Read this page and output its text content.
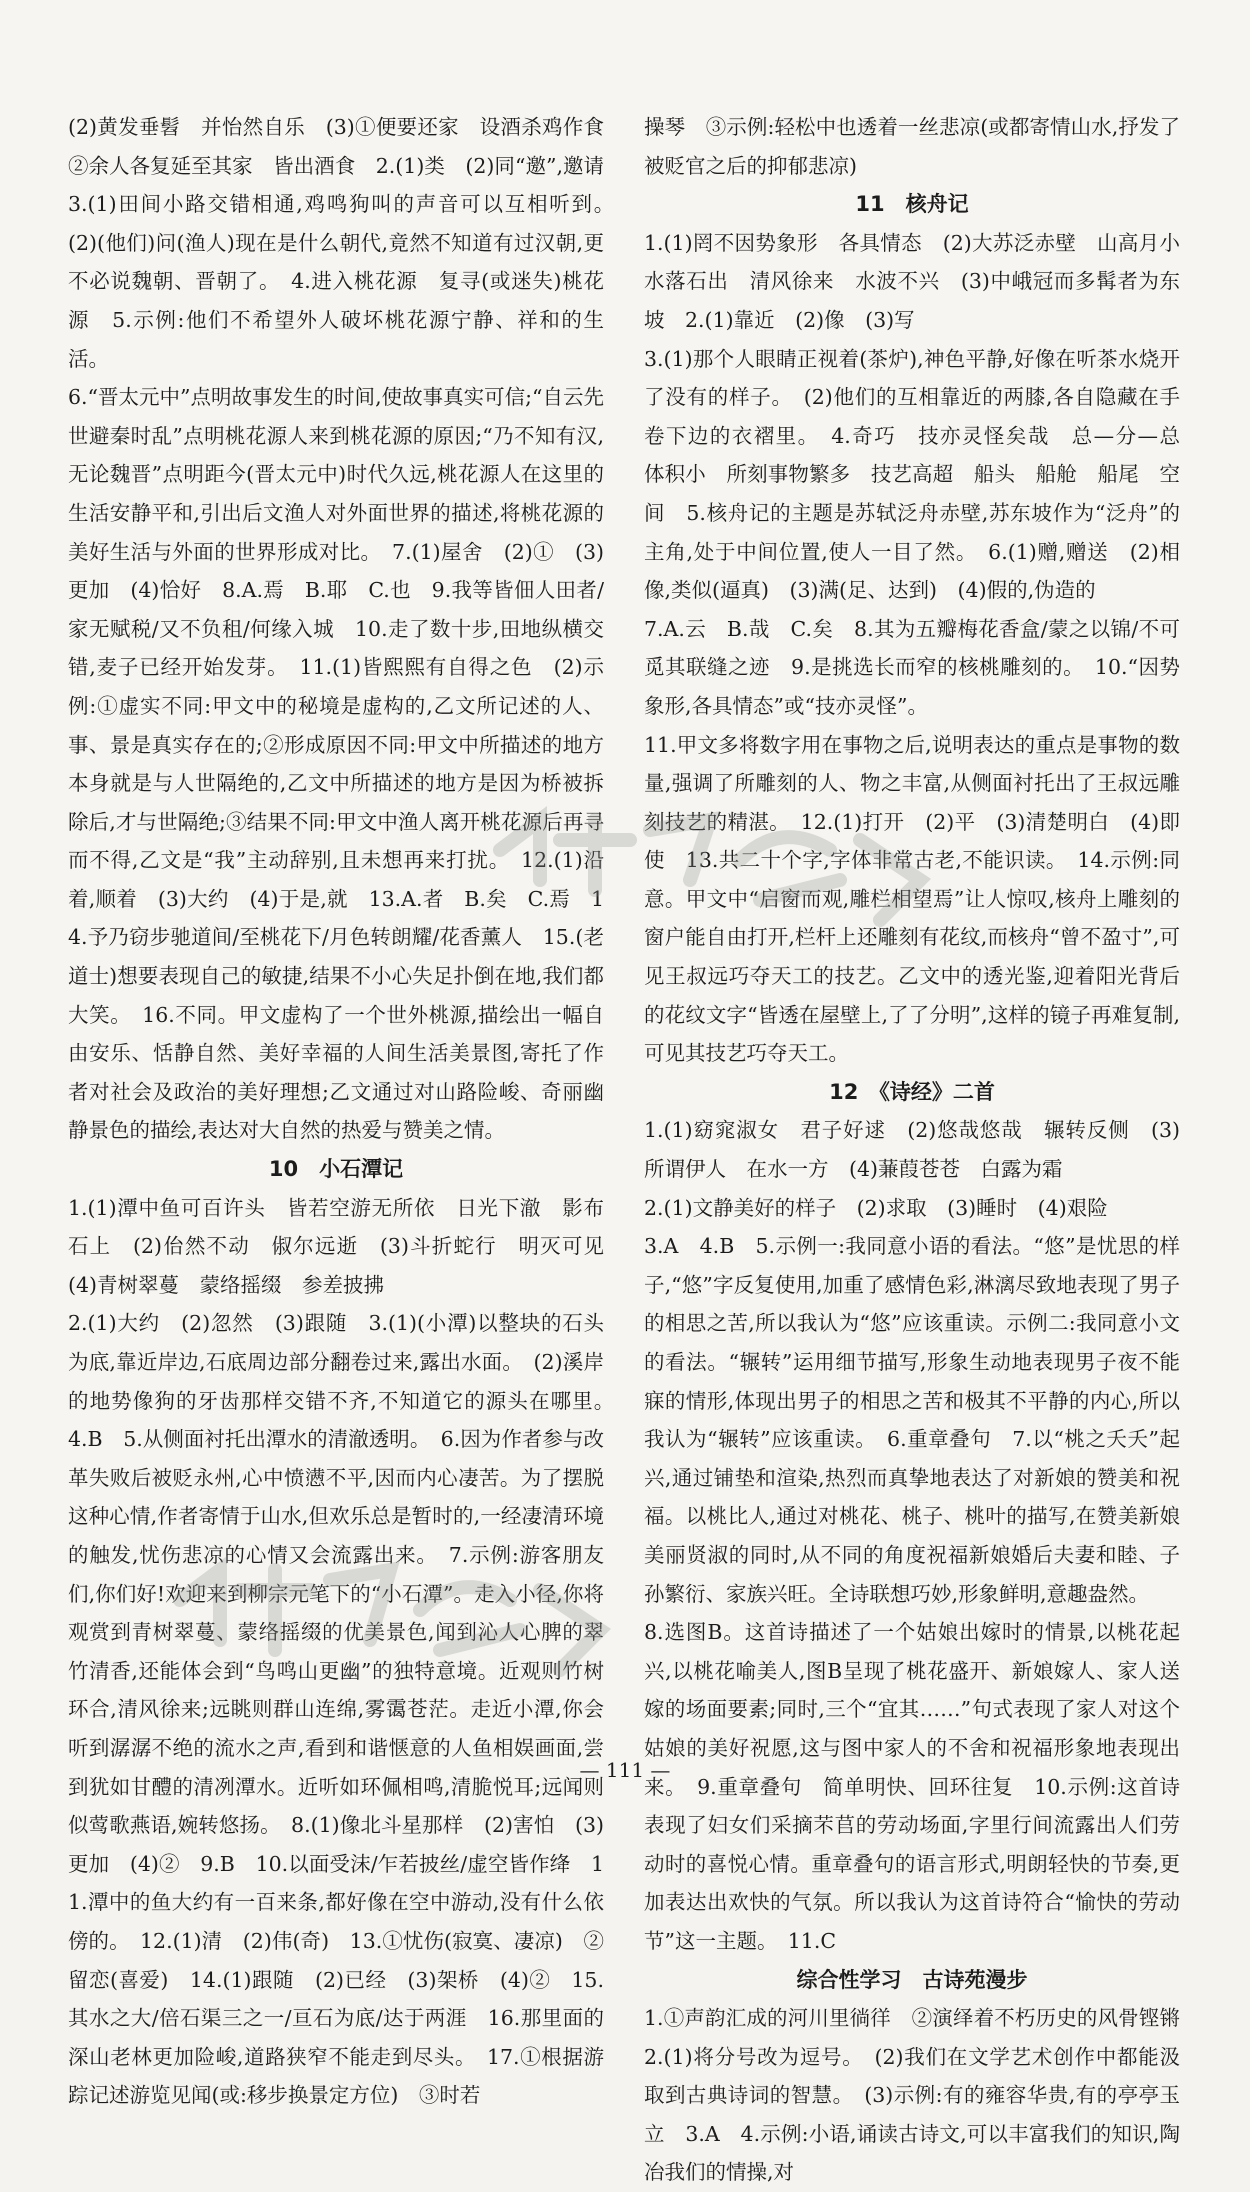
(2)黄发垂髫　并怡然自乐　(3)①便要还家　设酒杀鸡作食　②余人各复延至其家　皆出酒食　2.(1)类　(2)同“邀”,邀请　3.(1)田间小路交错相通,鸡鸣狗叫的声音可以互相听到。　(2)(他们)问(渔人)现在是什么朝代,竟然不知道有过汉朝,更不必说魏朝、晋朝了。　4.进入桃花源　复寻(或迷失)桃花源　5.示例:他们不希望外人破坏桃花源宁静、祥和的生活。

6.“晋太元中”点明故事发生的时间,使故事真实可信;“自云先世避秦时乱”点明桃花源人来到桃花源的原因;“乃不知有汉,无论魏晋”点明距今(晋太元中)时代久远,桃花源人在这里的生活安静平和,引出后文渔人对外面世界的描述,将桃花源的美好生活与外面的世界形成对比。　7.(1)屋舍　(2)①　(3)更加　(4)恰好　8.A.焉　B.耶　C.也　9.我等皆佃人田者/家无赋税/又不负租/何缘入城　10.走了数十步,田地纵横交错,麦子已经开始发芽。　11.(1)皆熙熙有自得之色　(2)示例:①虚实不同:甲文中的秘境是虚构的,乙文所记述的人、事、景是真实存在的;②形成原因不同:甲文中所描述的地方本身就是与人世隔绝的,乙文中所描述的地方是因为桥被拆除后,才与世隔绝;③结果不同:甲文中渔人离开桃花源后再寻而不得,乙文是“我”主动辞别,且未想再来打扰。　12.(1)沿着,顺着　(3)大约　(4)于是,就　13.A.者　B.矣　C.焉　14.予乃窃步驰道间/至桃花下/月色转朗耀/花香薰人　15.(老道士)想要表现自己的敏捷,结果不小心失足扑倒在地,我们都大笑。　16.不同。甲文虚构了一个世外桃源,描绘出一幅自由安乐、恬静自然、美好幸福的人间生活美景图,寄托了作者对社会及政治的美好理想;乙文通过对山路险峻、奇丽幽静景色的描绘,表达对大自然的热爱与赞美之情。

10　小石潭记

1.(1)潭中鱼可百许头　皆若空游无所依　日光下澈　影布石上　(2)佁然不动　俶尔远逝　(3)斗折蛇行　明灭可见　(4)青树翠蔓　蒙络摇缀　参差披拂

2.(1)大约　(2)忽然　(3)跟随　3.(1)(小潭)以整块的石头为底,靠近岸边,石底周边部分翻卷过来,露出水面。　(2)溪岸的地势像狗的牙齿那样交错不齐,不知道它的源头在哪里。　4.B　5.从侧面衬托出潭水的清澈透明。　6.因为作者参与改革失败后被贬永州,心中愤懑不平,因而内心凄苦。为了摆脱这种心情,作者寄情于山水,但欢乐总是暂时的,一经凄清环境的触发,忧伤悲凉的心情又会流露出来。　7.示例:游客朋友们,你们好!欢迎来到柳宗元笔下的“小石潭”。走入小径,你将观赏到青树翠蔓、蒙络摇缀的优美景色,闻到沁人心脾的翠竹清香,还能体会到“鸟鸣山更幽”的独特意境。近观则竹树环合,清风徐来;远眺则群山连绵,雾霭苍茫。走近小潭,你会听到潺潺不绝的流水之声,看到和谐惬意的人鱼相娱画面,尝到犹如甘醴的清冽潭水。近听如环佩相鸣,清脆悦耳;远闻则似莺歌燕语,婉转悠扬。　8.(1)像北斗星那样　(2)害怕　(3)更加　(4)②　9.B　10.以面受沫/乍若披丝/虚空皆作绛　11.潭中的鱼大约有一百来条,都好像在空中游动,没有什么依傍的。　12.(1)清　(2)伟(奇)　13.①忧伤(寂寞、凄凉)　②留恋(喜爱)　14.(1)跟随　(2)已经　(3)架桥　(4)②　15.其水之大/倍石渠三之一/亘石为底/达于两涯　16.那里面的深山老林更加险峻,道路狭窄不能走到尽头。　17.①根据游踪记述游览见闻(或:移步换景定方位)　③时若

操琴　③示例:轻松中也透着一丝悲凉(或都寄情山水,抒发了被贬官之后的抑郁悲凉)

11　核舟记

1.(1)罔不因势象形　各具情态　(2)大苏泛赤壁　山高月小　水落石出　清风徐来　水波不兴　(3)中峨冠而多髯者为东坡　2.(1)靠近　(2)像　(3)写

3.(1)那个人眼睛正视着(茶炉),神色平静,好像在听茶水烧开了没有的样子。　(2)他们的互相靠近的两膝,各自隐藏在手卷下边的衣褶里。　4.奇巧　技亦灵怪矣哉　总—分—总　体积小　所刻事物繁多　技艺高超　船头　船舱　船尾　空间　5.核舟记的主题是苏轼泛舟赤壁,苏东坡作为“泛舟”的主角,处于中间位置,使人一目了然。　6.(1)赠,赠送　(2)相像,类似(逼真)　(3)满(足、达到)　(4)假的,伪造的

7.A.云　B.哉　C.矣　8.其为五瓣梅花香盒/蒙之以锦/不可觅其联缝之迹　9.是挑选长而窄的核桃雕刻的。　10.“因势象形,各具情态”或“技亦灵怪”。

11.甲文多将数字用在事物之后,说明表达的重点是事物的数量,强调了所雕刻的人、物之丰富,从侧面衬托出了王叔远雕刻技艺的精湛。　12.(1)打开　(2)平　(3)清楚明白　(4)即使　13.共二十个字,字体非常古老,不能识读。　14.示例:同意。甲文中“启窗而观,雕栏相望焉”让人惊叹,核舟上雕刻的窗户能自由打开,栏杆上还雕刻有花纹,而核舟“曾不盈寸”,可见王叔远巧夺天工的技艺。乙文中的透光鉴,迎着阳光背后的花纹文字“皆透在屋壁上,了了分明”,这样的镜子再难复制,可见其技艺巧夺天工。

12　《诗经》二首

1.(1)窈窕淑女　君子好逑　(2)悠哉悠哉　辗转反侧　(3)所谓伊人　在水一方　(4)蒹葭苍苍　白露为霜

2.(1)文静美好的样子　(2)求取　(3)睡时　(4)艰险

3.A　4.B　5.示例一:我同意小语的看法。“悠”是忧思的样子,“悠”字反复使用,加重了感情色彩,淋漓尽致地表现了男子的相思之苦,所以我认为“悠”应该重读。示例二:我同意小文的看法。“辗转”运用细节描写,形象生动地表现男子夜不能寐的情形,体现出男子的相思之苦和极其不平静的内心,所以我认为“辗转”应该重读。　6.重章叠句　7.以“桃之夭夭”起兴,通过铺垫和渲染,热烈而真挚地表达了对新娘的赞美和祝福。以桃比人,通过对桃花、桃子、桃叶的描写,在赞美新娘美丽贤淑的同时,从不同的角度祝福新娘婚后夫妻和睦、子孙繁衍、家族兴旺。全诗联想巧妙,形象鲜明,意趣盎然。

8.选图B。这首诗描述了一个姑娘出嫁时的情景,以桃花起兴,以桃花喻美人,图B呈现了桃花盛开、新娘嫁人、家人送嫁的场面要素;同时,三个“宜其……”句式表现了家人对这个姑娘的美好祝愿,这与图中家人的不舍和祝福形象地表现出来。　9.重章叠句　简单明快、回环往复　10.示例:这首诗表现了妇女们采摘芣苢的劳动场面,字里行间流露出人们劳动时的喜悦心情。重章叠句的语言形式,明朗轻快的节奏,更加表达出欢快的气氛。所以我认为这首诗符合“愉快的劳动节”这一主题。　11.C

综合性学习　古诗苑漫步

1.①声韵汇成的河川里徜徉　②演绎着不朽历史的风骨铿锵　2.(1)将分号改为逗号。　(2)我们在文学艺术创作中都能汲取到古典诗词的智慧。　(3)示例:有的雍容华贵,有的亭亭玉立　3.A　4.示例:小语,诵读古诗文,可以丰富我们的知识,陶冶我们的情操,对

— 111 —
